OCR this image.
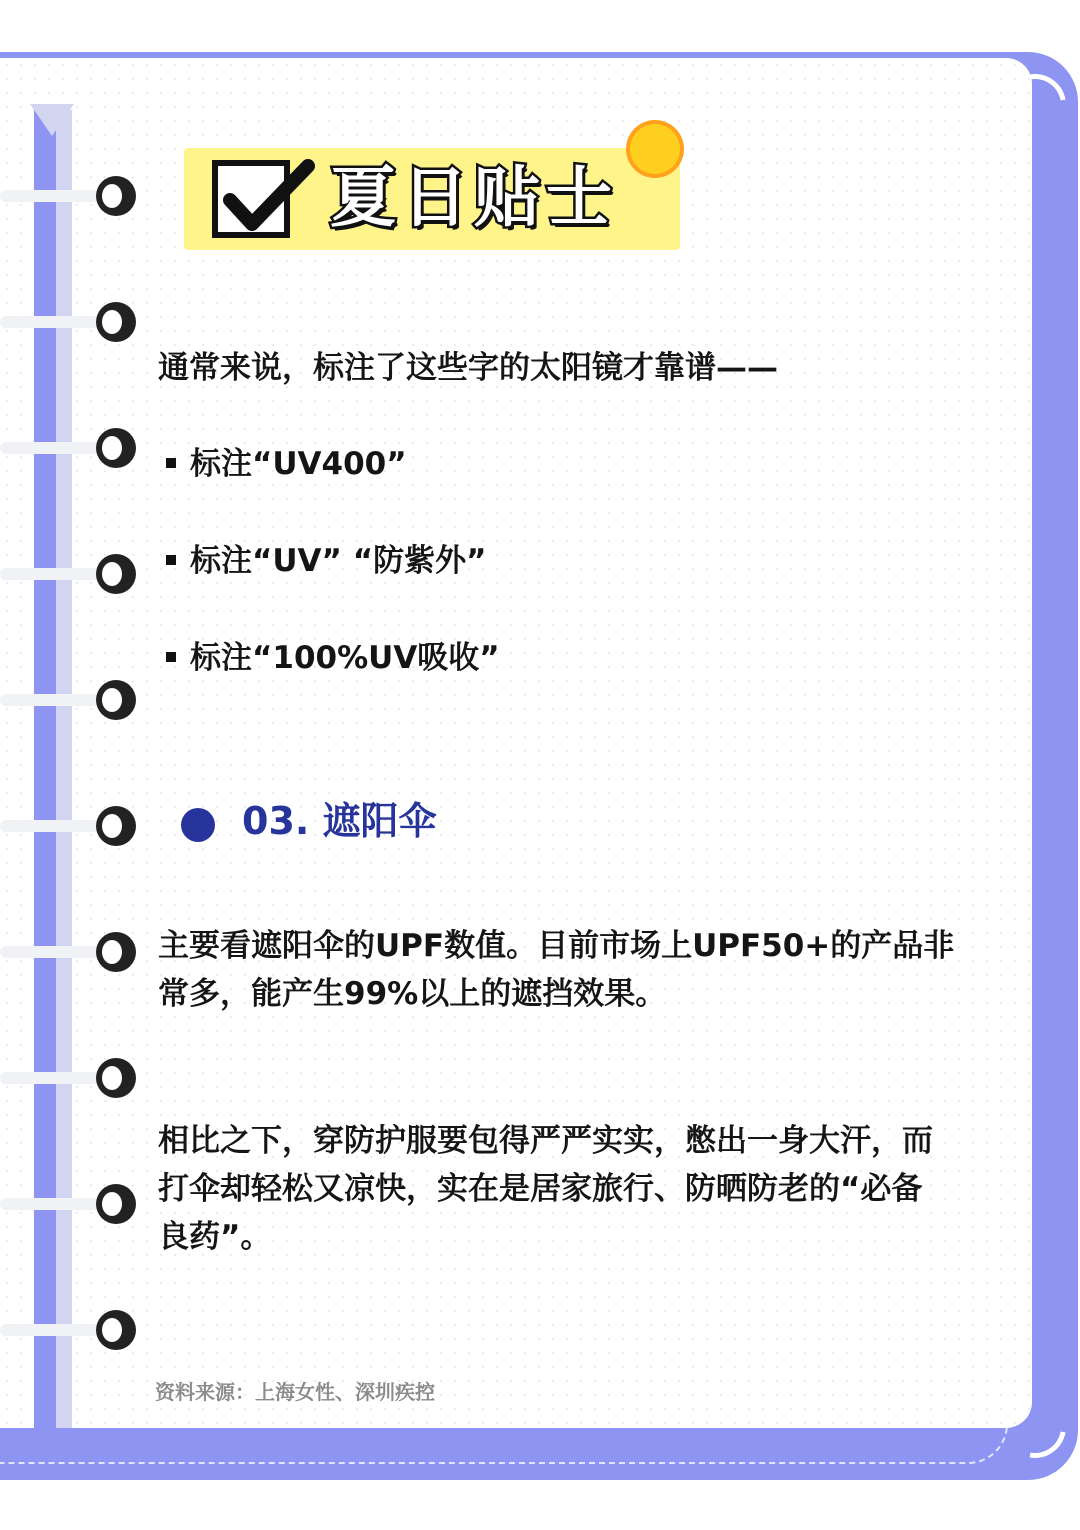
夏日贴士
通常来说，标注了这些字的太阳镜才靠谱——
标注“UV400”
标注“UV” “防紫外”
标注“100%UV吸收”
03. 遮阳伞
主要看遮阳伞的UPF数值。目前市场上UPF50+的产品非
常多，能产生99%以上的遮挡效果。
相比之下，穿防护服要包得严严实实，憋出一身大汗，而
打伞却轻松又凉快，实在是居家旅行、防晒防老的“必备
良药”。
资料来源：上海女性、深圳疾控
